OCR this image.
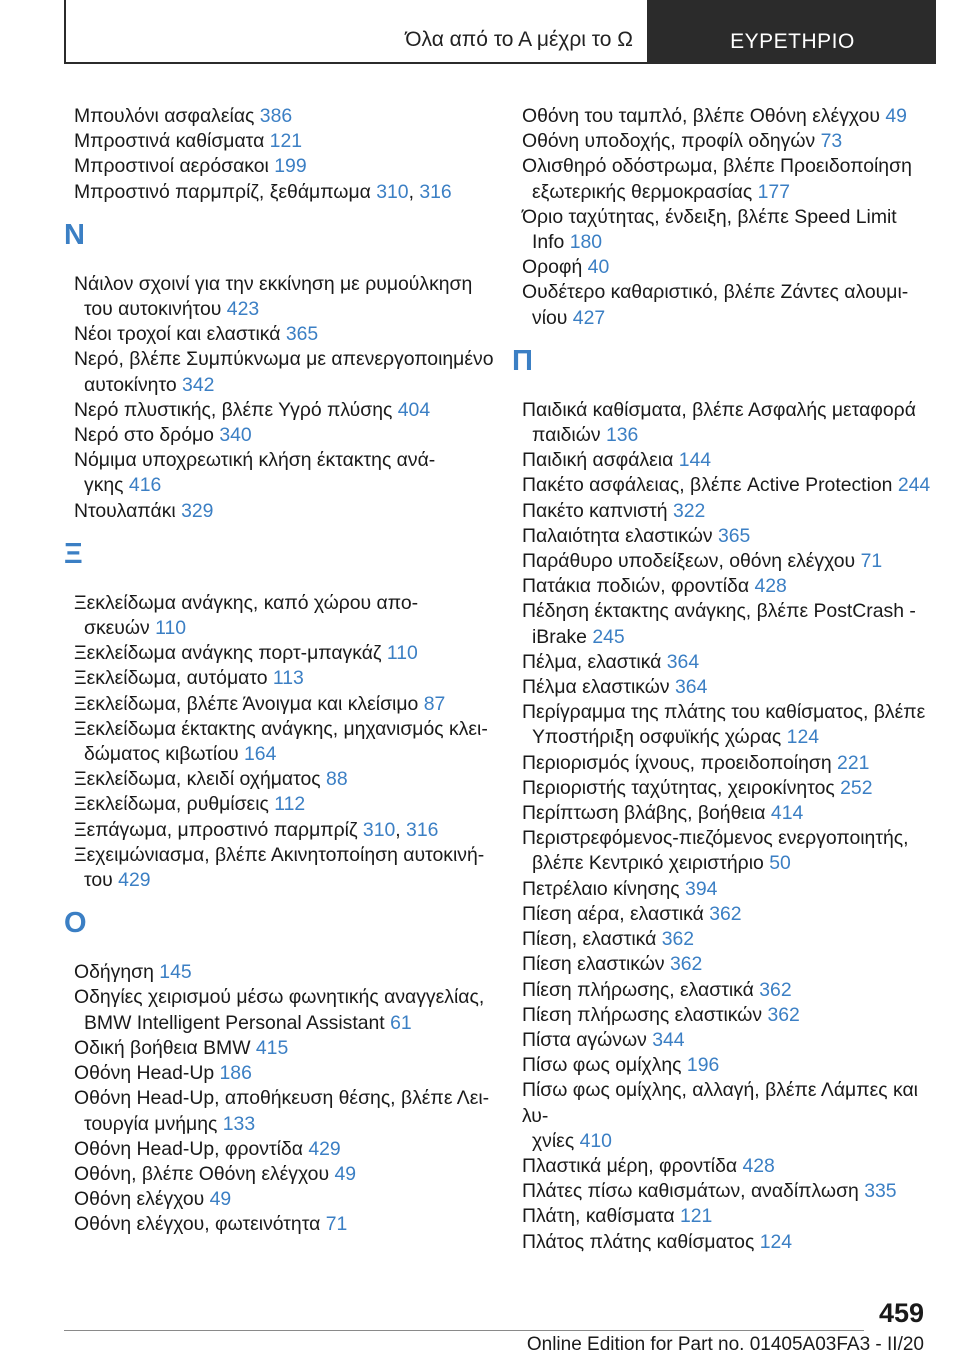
Όλα από το Α μέχρι το Ω	ΕΥΡΕΤΗΡΙΟ
Μπουλόνι ασφαλείας 386
Μπροστινά καθίσματα 121
Μπροστινοί αερόσακοι 199
Μπροστινό παρμπρίζ, ξεθάμπωμα 310, 316
Ν
Νάιλον σχοινί για την εκκίνηση με ρυμούλκηση
του αυτοκινήτου 423
Νέοι τροχοί και ελαστικά 365
Νερό, βλέπε Συμπύκνωμα με απενεργοποιημένο
αυτοκίνητο 342
Νερό πλυστικής, βλέπε Υγρό πλύσης 404
Νερό στο δρόμο 340
Νόμιμα υποχρεωτική κλήση έκτακτης ανά-
γκης 416
Ντουλαπάκι 329
Ξ
Ξεκλείδωμα ανάγκης, καπό χώρου απο-
σκευών 110
Ξεκλείδωμα ανάγκης πορτ-μπαγκάζ 110
Ξεκλείδωμα, αυτόματο 113
Ξεκλείδωμα, βλέπε Άνοιγμα και κλείσιμο 87
Ξεκλείδωμα έκτακτης ανάγκης, μηχανισμός κλει-
δώματος κιβωτίου 164
Ξεκλείδωμα, κλειδί οχήματος 88
Ξεκλείδωμα, ρυθμίσεις 112
Ξεπάγωμα, μπροστινό παρμπρίζ 310, 316
Ξεχειμώνιασμα, βλέπε Ακινητοποίηση αυτοκινή-
του 429
Ο
Οδήγηση 145
Οδηγίες χειρισμού μέσω φωνητικής αναγγελίας,
BMW Intelligent Personal Assistant 61
Οδική βοήθεια BMW 415
Οθόνη Head-Up 186
Οθόνη Head-Up, αποθήκευση θέσης, βλέπε Λει-
τουργία μνήμης 133
Οθόνη Head-Up, φροντίδα 429
Οθόνη, βλέπε Οθόνη ελέγχου 49
Οθόνη ελέγχου 49
Οθόνη ελέγχου, φωτεινότητα 71
Οθόνη του ταμπλό, βλέπε Οθόνη ελέγχου 49
Οθόνη υποδοχής, προφίλ οδηγών 73
Ολισθηρό οδόστρωμα, βλέπε Προειδοποίηση
εξωτερικής θερμοκρασίας 177
Όριο ταχύτητας, ένδειξη, βλέπε Speed Limit
Info 180
Οροφή 40
Ουδέτερο καθαριστικό, βλέπε Ζάντες αλουμι-
νίου 427
Π
Παιδικά καθίσματα, βλέπε Ασφαλής μεταφορά
παιδιών 136
Παιδική ασφάλεια 144
Πακέτο ασφάλειας, βλέπε Active Protection 244
Πακέτο καπνιστή 322
Παλαιότητα ελαστικών 365
Παράθυρο υποδείξεων, οθόνη ελέγχου 71
Πατάκια ποδιών, φροντίδα 428
Πέδηση έκτακτης ανάγκης, βλέπε PostCrash -
iBrake 245
Πέλμα, ελαστικά 364
Πέλμα ελαστικών 364
Περίγραμμα της πλάτης του καθίσματος, βλέπε
Υποστήριξη οσφυϊκής χώρας 124
Περιορισμός ίχνους, προειδοποίηση 221
Περιοριστής ταχύτητας, χειροκίνητος 252
Περίπτωση βλάβης, βοήθεια 414
Περιστρεφόμενος-πιεζόμενος ενεργοποιητής,
βλέπε Κεντρικό χειριστήριο 50
Πετρέλαιο κίνησης 394
Πίεση αέρα, ελαστικά 362
Πίεση, ελαστικά 362
Πίεση ελαστικών 362
Πίεση πλήρωσης, ελαστικά 362
Πίεση πλήρωσης ελαστικών 362
Πίστα αγώνων 344
Πίσω φως ομίχλης 196
Πίσω φως ομίχλης, αλλαγή, βλέπε Λάμπες και λυ-
χνίες 410
Πλαστικά μέρη, φροντίδα 428
Πλάτες πίσω καθισμάτων, αναδίπλωση 335
Πλάτη, καθίσματα 121
Πλάτος πλάτης καθίσματος 124
459
Online Edition for Part no. 01405A03FA3 - II/20
